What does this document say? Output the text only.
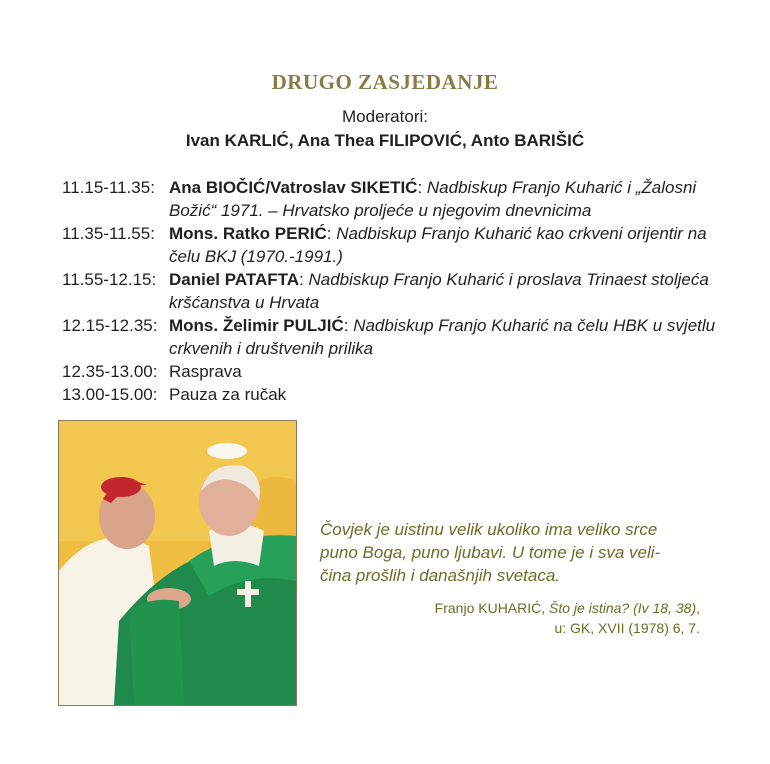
DRUGO ZASJEDANJE
Moderatori:
Ivan KARLIĆ, Ana Thea FILIPOVIĆ, Anto BARIŠIĆ
11.15-11.35: Ana BIOČIĆ/Vatroslav SIKETIĆ: Nadbiskup Franjo Kuharić i „Žalosni Božić“ 1971. – Hrvatsko proljeće u njegovim dnevnicima
11.35-11.55: Mons. Ratko PERIĆ: Nadbiskup Franjo Kuharić kao crkveni orijentir na čelu BKJ (1970.-1991.)
11.55-12.15: Daniel PATAFTA: Nadbiskup Franjo Kuharić i proslava Trinaest stoljeća kršćanstva u Hrvata
12.15-12.35: Mons. Želimir PULJIĆ: Nadbiskup Franjo Kuharić na čelu HBK u svjetlu crkvenih i društvenih prilika
12.35-13.00: Rasprava
13.00-15.00: Pauza za ručak
Čovjek je uistinu velik ukoliko ima veliko srce
puno Boga, puno ljubavi. U tome je i sva veli-
čina prošlih i današnjih svetaca.
Franjo KUHARIĆ, Što je istina? (Iv 18, 38),
u: GK, XVII (1978) 6, 7.
